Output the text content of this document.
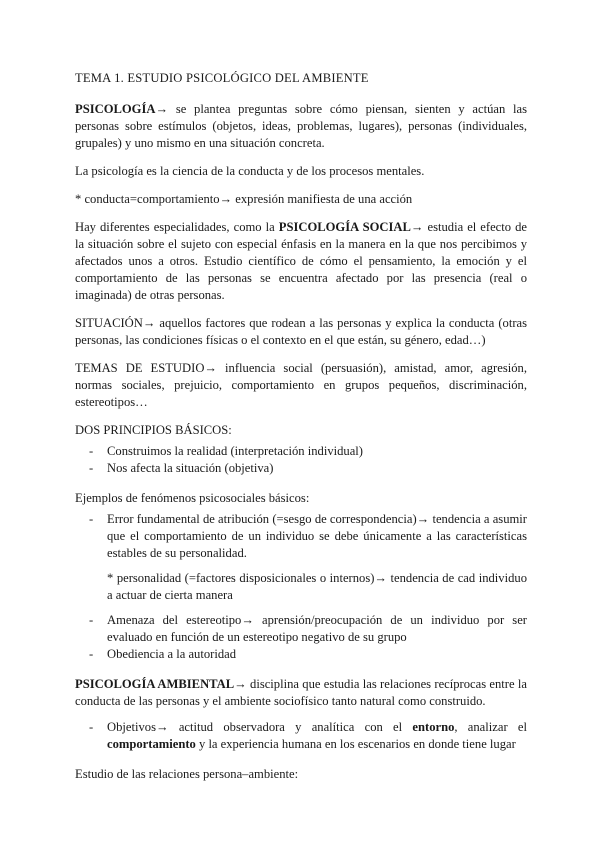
TEMA 1. ESTUDIO PSICOLÓGICO DEL AMBIENTE

PSICOLOGÍA→ se plantea preguntas sobre cómo piensan, sienten y actúan las personas sobre estímulos (objetos, ideas, problemas, lugares), personas (individuales, grupales) y uno mismo en una situación concreta.

La psicología es la ciencia de la conducta y de los procesos mentales.

* conducta=comportamiento→ expresión manifiesta de una acción

Hay diferentes especialidades, como la PSICOLOGÍA SOCIAL→ estudia el efecto de la situación sobre el sujeto con especial énfasis en la manera en la que nos percibimos y afectados unos a otros. Estudio científico de cómo el pensamiento, la emoción y el comportamiento de las personas se encuentra afectado por las presencia (real o imaginada) de otras personas.

SITUACIÓN→ aquellos factores que rodean a las personas y explica la conducta (otras personas, las condiciones físicas o el contexto en el que están, su género, edad…)

TEMAS DE ESTUDIO→ influencia social (persuasión), amistad, amor, agresión, normas sociales, prejuicio, comportamiento en grupos pequeños, discriminación, estereotipos…

DOS PRINCIPIOS BÁSICOS:

- Construimos la realidad (interpretación individual)
- Nos afecta la situación (objetiva)

Ejemplos de fenómenos psicosociales básicos:

- Error fundamental de atribución (=sesgo de correspondencia)→ tendencia a asumir que el comportamiento de un individuo se debe únicamente a las características estables de su personalidad.
* personalidad (=factores disposicionales o internos)→ tendencia de cad individuo a actuar de cierta manera
- Amenaza del estereotipo→ aprensión/preocupación de un individuo por ser evaluado en función de un estereotipo negativo de su grupo
- Obediencia a la autoridad

PSICOLOGÍA AMBIENTAL→ disciplina que estudia las relaciones recíprocas entre la conducta de las personas y el ambiente sociofísico tanto natural como construido.

- Objetivos→ actitud observadora y analítica con el entorno, analizar el comportamiento y la experiencia humana en los escenarios en donde tiene lugar

Estudio de las relaciones persona–ambiente:
